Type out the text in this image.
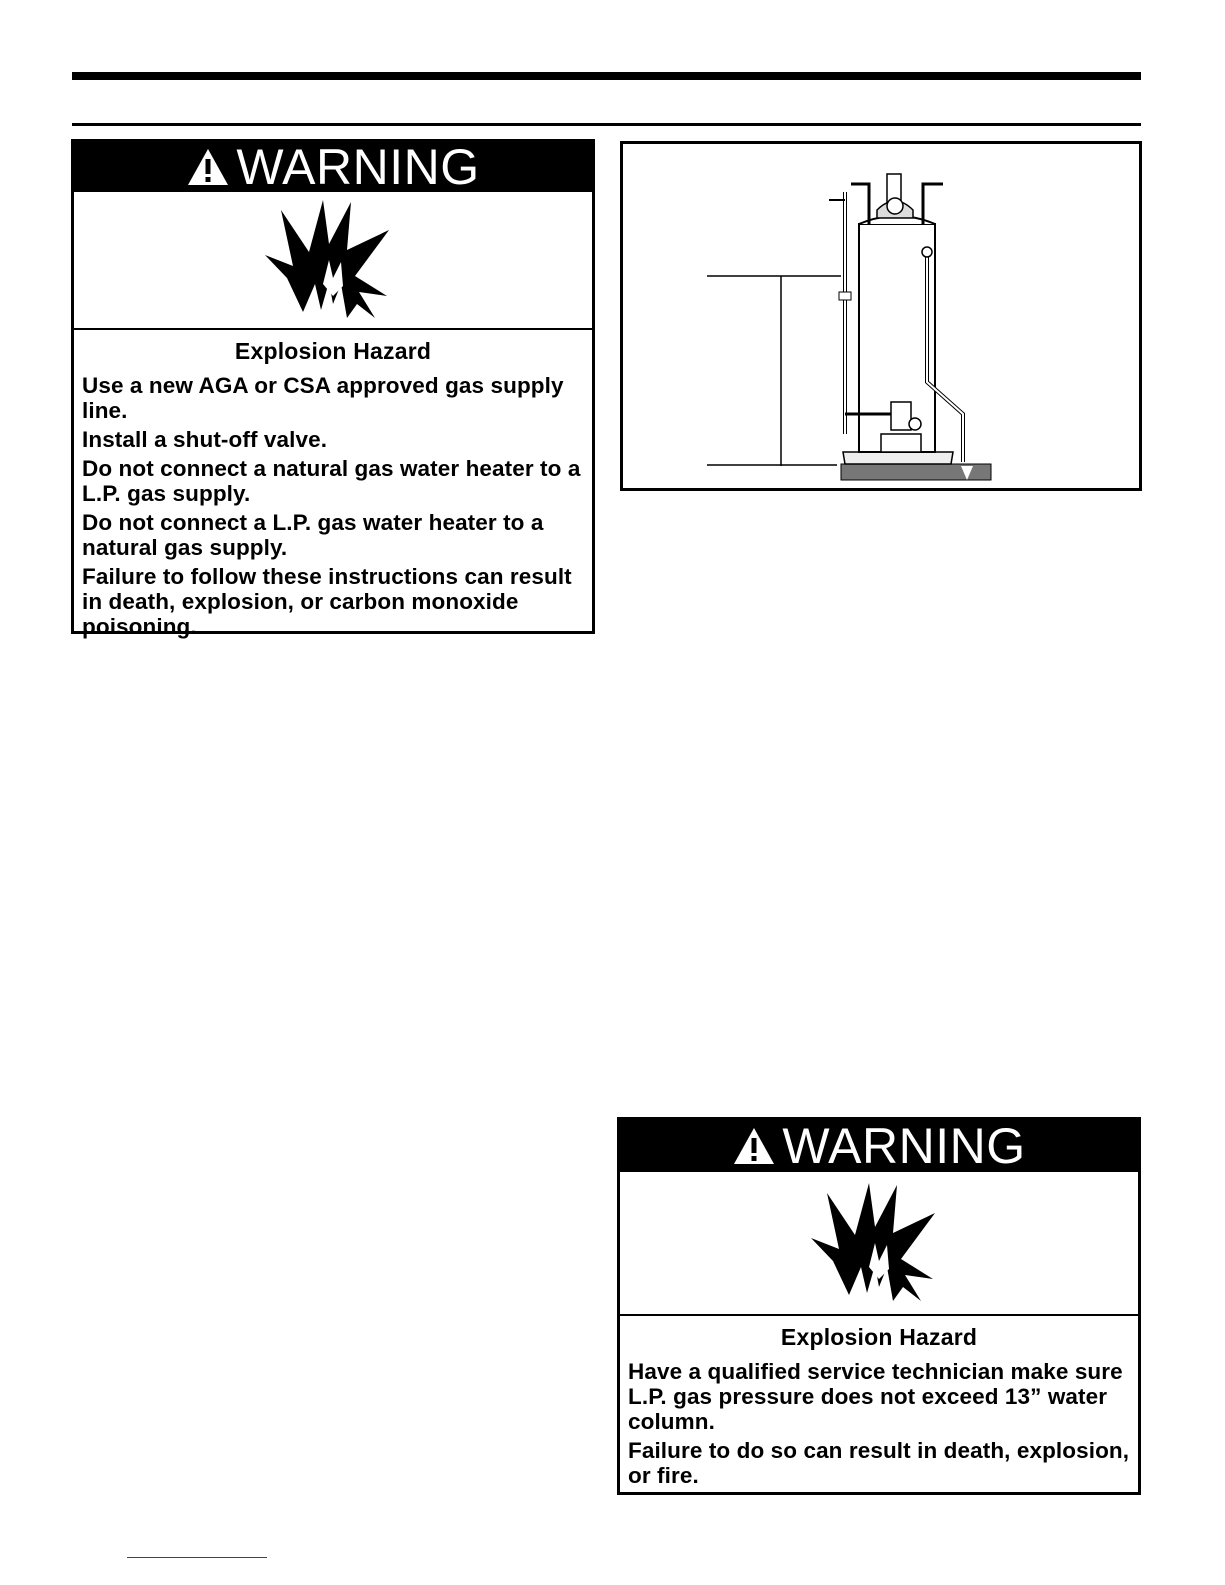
WARNING
Explosion Hazard
Use a new AGA or CSA approved gas supply line.
Install a shut-off valve.
Do not connect a natural gas water heater to a L.P. gas supply.
Do not connect a L.P. gas water heater to a natural gas supply.
Failure to follow these instructions can result in death, explosion, or carbon monoxide poisoning.
WARNING
Explosion Hazard
Have a qualified service technician make sure L.P. gas pressure does not exceed 13” water column.
Failure to do so can result in death, explosion, or fire.
